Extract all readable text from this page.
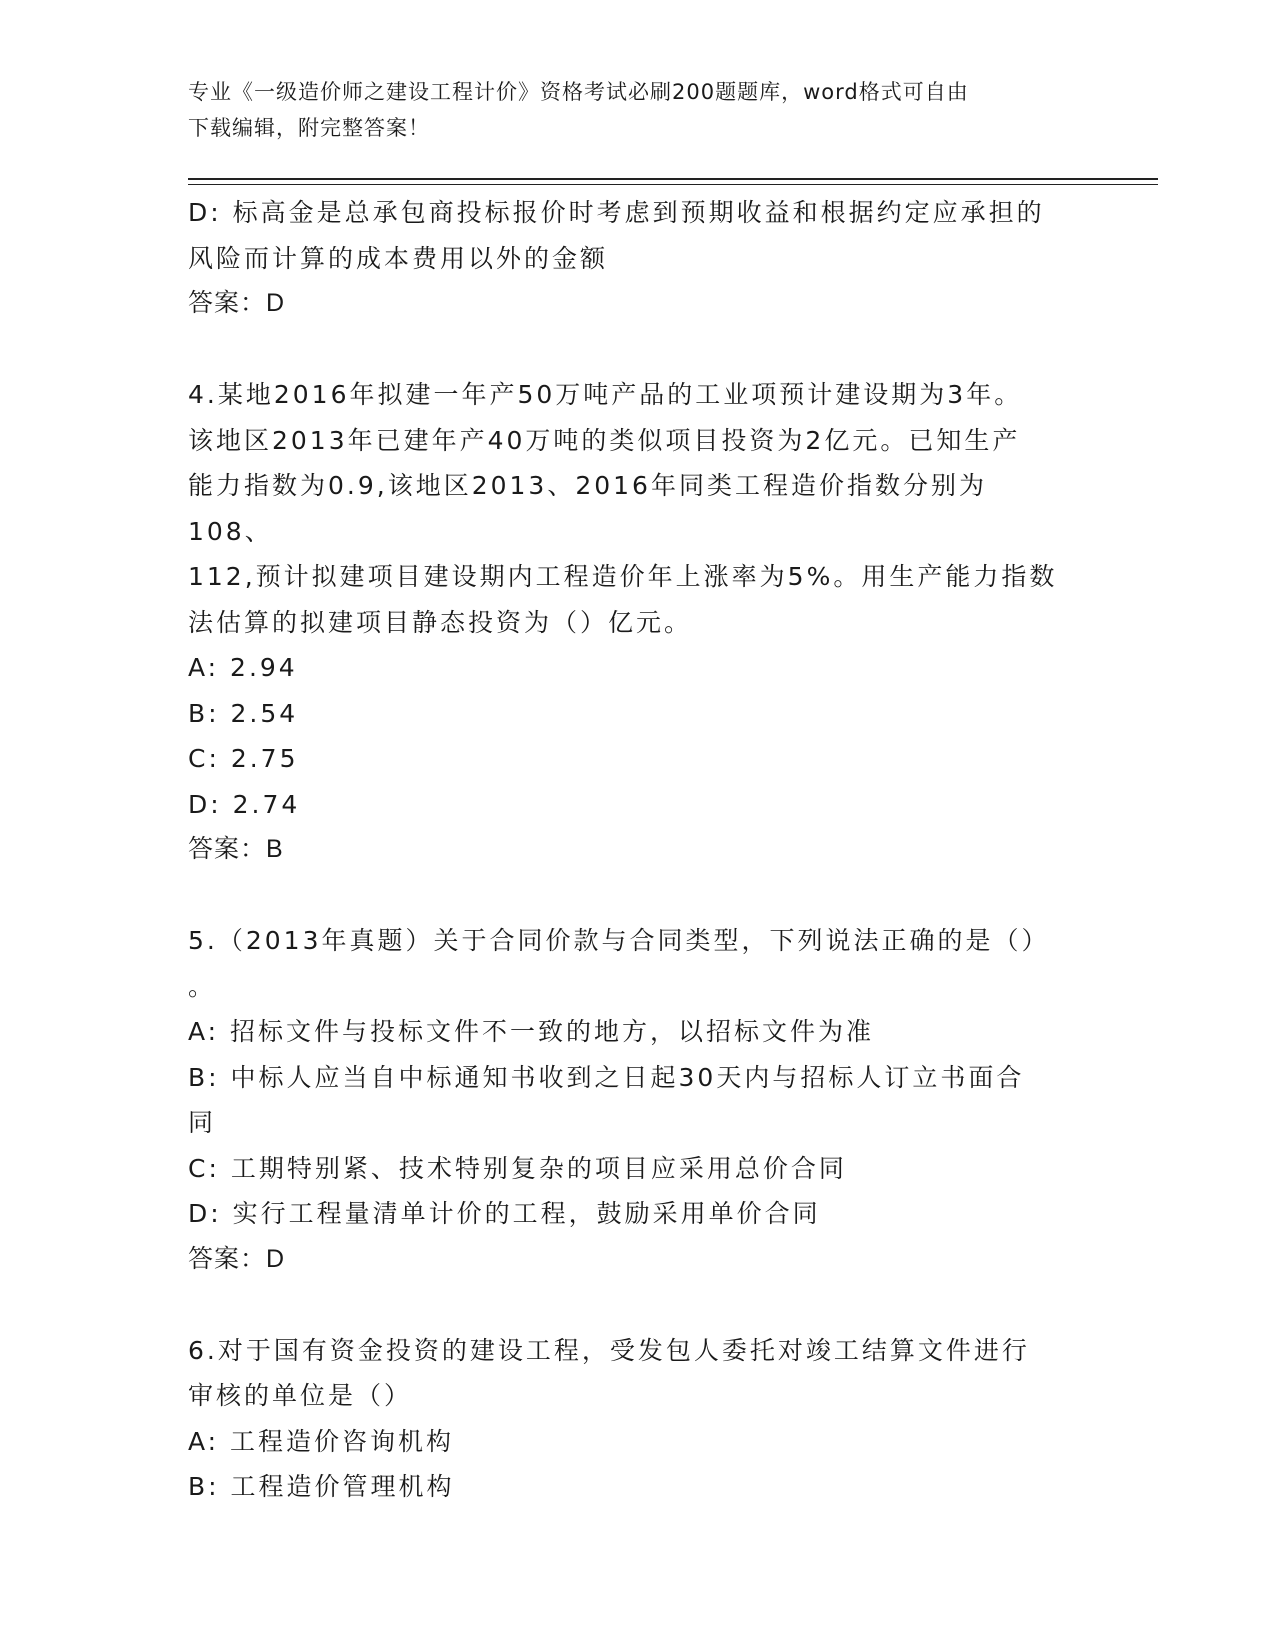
专业《一级造价师之建设工程计价》资格考试必刷200题题库，word格式可自由
下载编辑，附完整答案！
D: 标高金是总承包商投标报价时考虑到预期收益和根据约定应承担的
风险而计算的成本费用以外的金额
答案：D
4.某地2016年拟建一年产50万吨产品的工业项预计建设期为3年。
该地区2013年已建年产40万吨的类似项目投资为2亿元。已知生产
能力指数为0.9,该地区2013、2016年同类工程造价指数分别为108、
112,预计拟建项目建设期内工程造价年上涨率为5%。用生产能力指数
法估算的拟建项目静态投资为（）亿元。
A: 2.94
B: 2.54
C: 2.75
D: 2.74
答案：B
5.（2013年真题）关于合同价款与合同类型，下列说法正确的是（）
。
A: 招标文件与投标文件不一致的地方，以招标文件为准
B: 中标人应当自中标通知书收到之日起30天内与招标人订立书面合
同
C: 工期特别紧、技术特别复杂的项目应采用总价合同
D: 实行工程量清单计价的工程，鼓励采用单价合同
答案：D
6.对于国有资金投资的建设工程，受发包人委托对竣工结算文件进行
审核的单位是（）
A: 工程造价咨询机构
B: 工程造价管理机构
